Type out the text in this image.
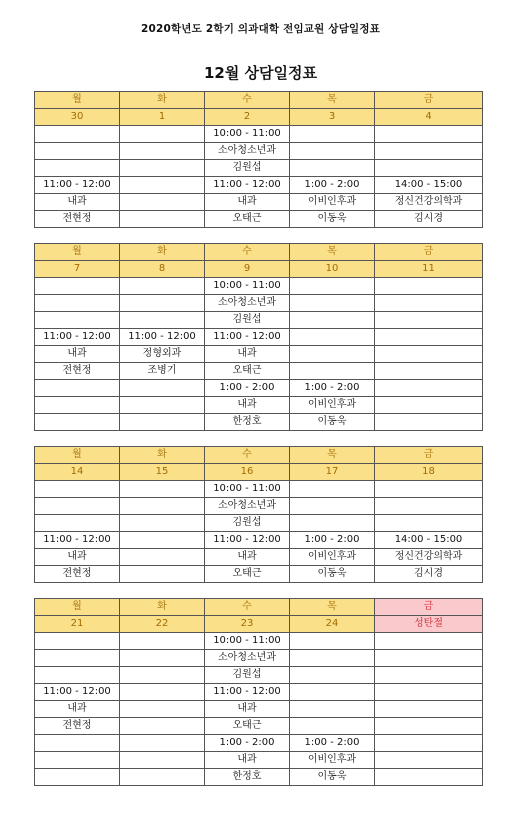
2020학년도 2학기 의과대학 전임교원 상담일정표
12월 상담일정표
월	화	수	목	금
30	1	2	3	4
		10:00 - 11:00		
		소아청소년과		
		김원섭		
11:00 - 12:00		11:00 - 12:00	1:00 - 2:00	14:00 - 15:00
내과		내과	이비인후과	정신건강의학과
전현정		오태근	이동욱	김시경

월	화	수	목	금
7	8	9	10	11
		10:00 - 11:00		
		소아청소년과		
		김원섭		
11:00 - 12:00	11:00 - 12:00	11:00 - 12:00		
내과	정형외과	내과		
전현정	조병기	오태근		
		1:00 - 2:00	1:00 - 2:00	
		내과	이비인후과	
		한정호	이동욱	

월	화	수	목	금
14	15	16	17	18
		10:00 - 11:00		
		소아청소년과		
		김원섭		
11:00 - 12:00		11:00 - 12:00	1:00 - 2:00	14:00 - 15:00
내과		내과	이비인후과	정신건강의학과
전현정		오태근	이동욱	김시경

월	화	수	목	금
21	22	23	24	성탄절
		10:00 - 11:00		
		소아청소년과		
		김원섭		
11:00 - 12:00		11:00 - 12:00		
내과		내과		
전현정		오태근		
		1:00 - 2:00	1:00 - 2:00	
		내과	이비인후과	
		한정호	이동욱	
